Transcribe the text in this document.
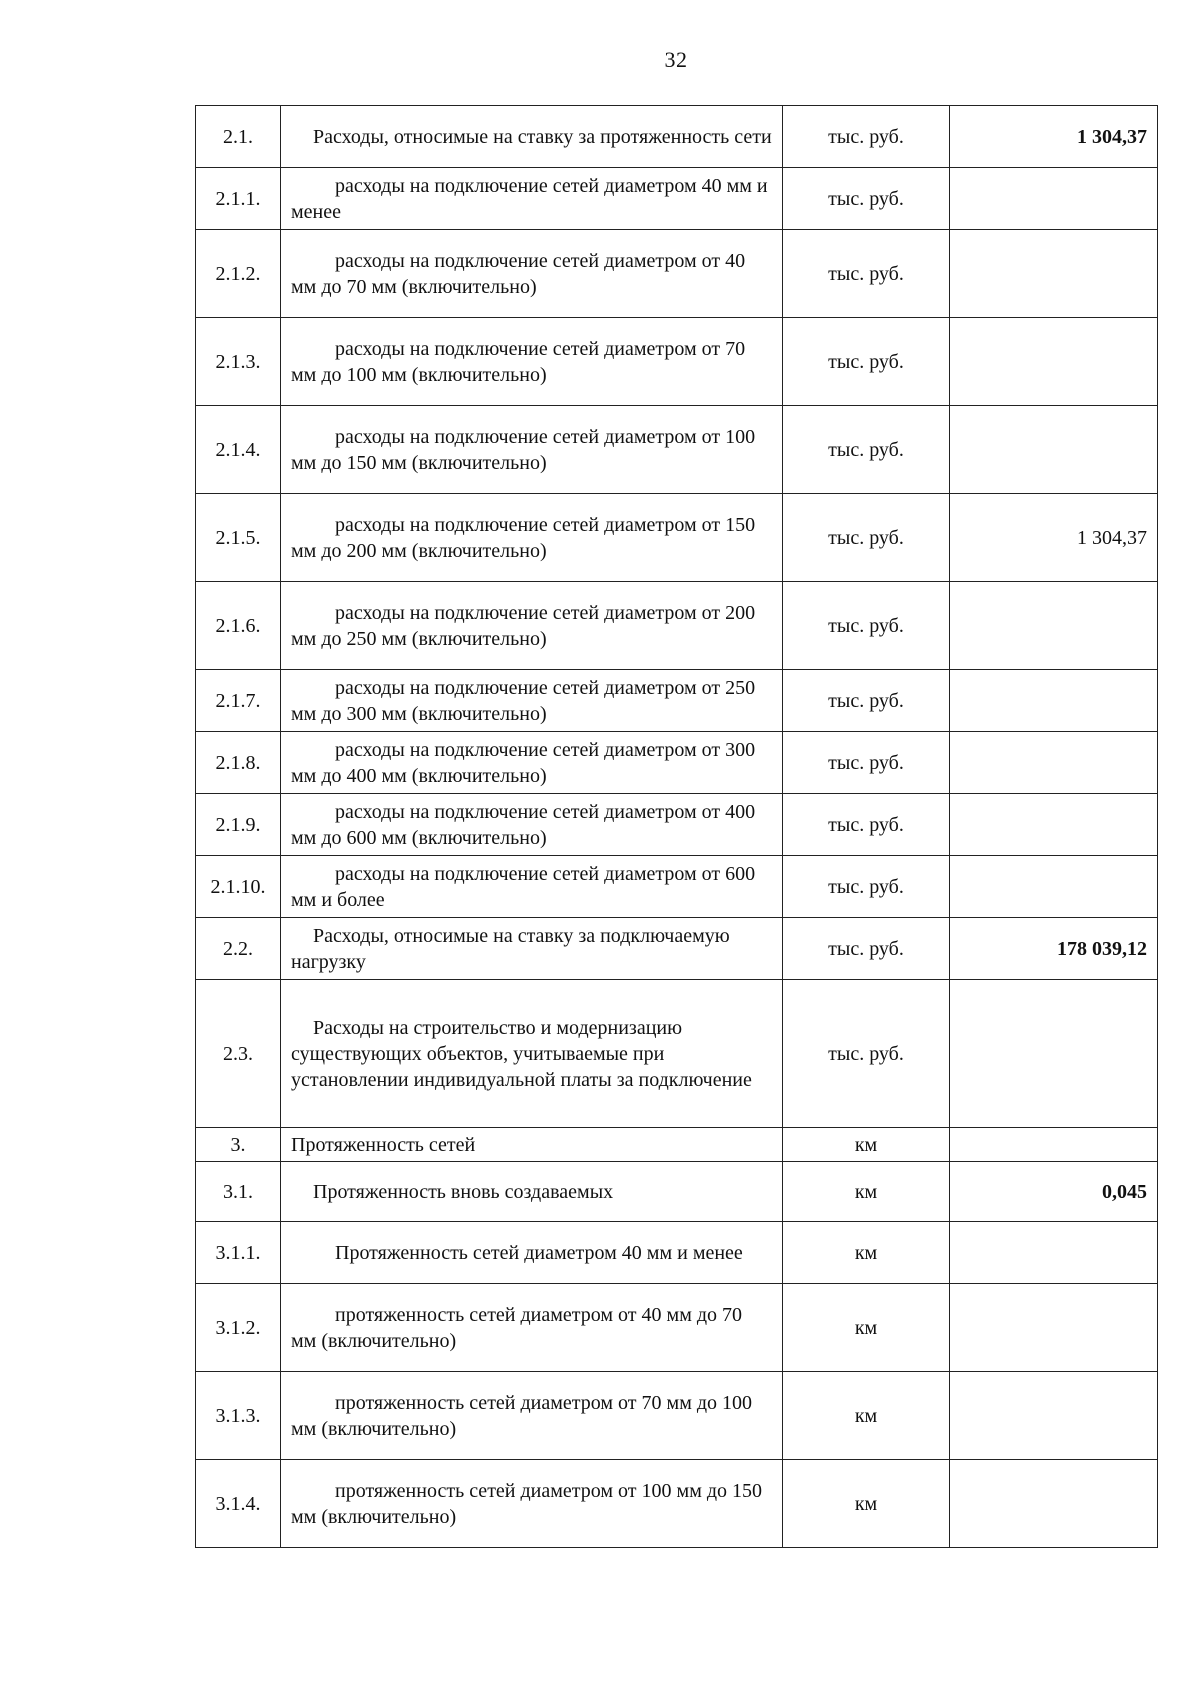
32
2.1.	Расходы, относимые на ставку за протяженность сети	тыс. руб.	1 304,37
2.1.1.	расходы на подключение сетей диаметром 40 мм и менее	тыс. руб.	
2.1.2.	расходы на подключение сетей диаметром от 40 мм до 70 мм (включительно)	тыс. руб.	
2.1.3.	расходы на подключение сетей диаметром от 70 мм до 100 мм (включительно)	тыс. руб.	
2.1.4.	расходы на подключение сетей диаметром от 100 мм до 150 мм (включительно)	тыс. руб.	
2.1.5.	расходы на подключение сетей диаметром от 150 мм до 200 мм (включительно)	тыс. руб.	1 304,37
2.1.6.	расходы на подключение сетей диаметром от 200 мм до 250 мм (включительно)	тыс. руб.	
2.1.7.	расходы на подключение сетей диаметром от 250 мм до 300 мм (включительно)	тыс. руб.	
2.1.8.	расходы на подключение сетей диаметром от 300 мм до 400 мм (включительно)	тыс. руб.	
2.1.9.	расходы на подключение сетей диаметром от 400 мм до 600 мм (включительно)	тыс. руб.	
2.1.10.	расходы на подключение сетей диаметром от 600 мм и более	тыс. руб.	
2.2.	Расходы, относимые на ставку за подключаемую нагрузку	тыс. руб.	178 039,12
2.3.	Расходы на строительство и модернизацию существующих объектов, учитываемые при установлении индивидуальной платы за подключение	тыс. руб.	
3.	Протяженность сетей	км	
3.1.	Протяженность вновь создаваемых	км	0,045
3.1.1.	Протяженность сетей диаметром 40 мм и менее	км	
3.1.2.	протяженность сетей диаметром от 40 мм до 70 мм (включительно)	км	
3.1.3.	протяженность сетей диаметром от 70 мм до 100 мм (включительно)	км	
3.1.4.	протяженность сетей диаметром от 100 мм до 150 мм (включительно)	км	
